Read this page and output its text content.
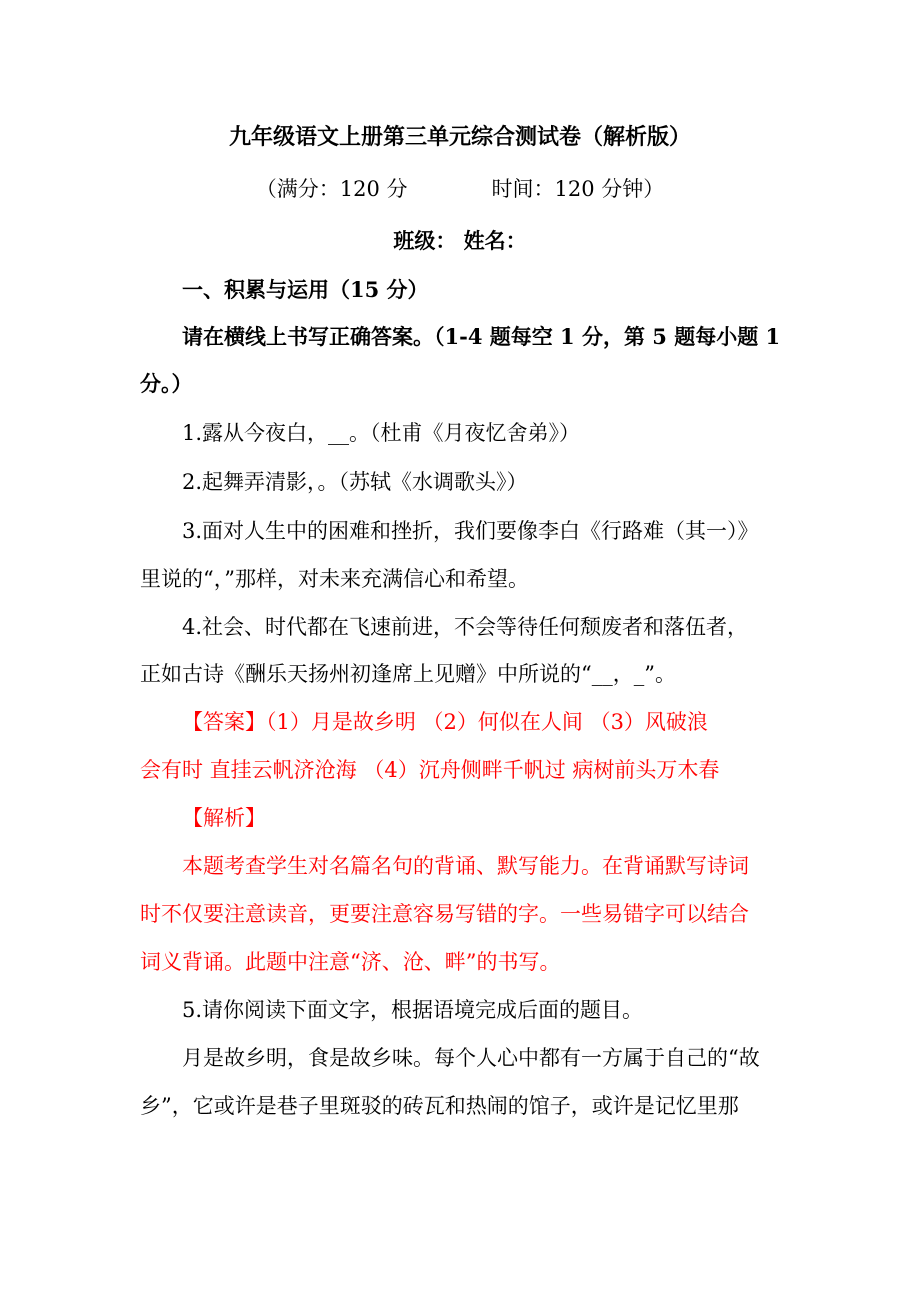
九年级语文上册第三单元综合测试卷（解析版）
（满分：120 分	时间：120 分钟）
班级： 姓名：
一、积累与运用（15 分）
请在横线上书写正确答案。（1-4 题每空 1 分，第 5 题每小题 1
分。）
1.露从今夜白，__。（杜甫《月夜忆舍弟》）
2.起舞弄清影，。（苏轼《水调歌头》）
3.面对人生中的困难和挫折，我们要像李白《行路难（其一）》
里说的“，”那样，对未来充满信心和希望。
4.社会、时代都在飞速前进，不会等待任何颓废者和落伍者，
正如古诗《酬乐天扬州初逢席上见赠》中所说的“__，_”。
【答案】（1）月是故乡明 （2）何似在人间 （3）风破浪
会有时 直挂云帆济沧海 （4）沉舟侧畔千帆过 病树前头万木春
【解析】
本题考查学生对名篇名句的背诵、默写能力。在背诵默写诗词
时不仅要注意读音，更要注意容易写错的字。一些易错字可以结合
词义背诵。此题中注意“济、沧、畔”的书写。
5.请你阅读下面文字，根据语境完成后面的题目。
月是故乡明，食是故乡味。每个人心中都有一方属于自己的“故
乡”，它或许是巷子里斑驳的砖瓦和热闹的馆子，或许是记忆里那
